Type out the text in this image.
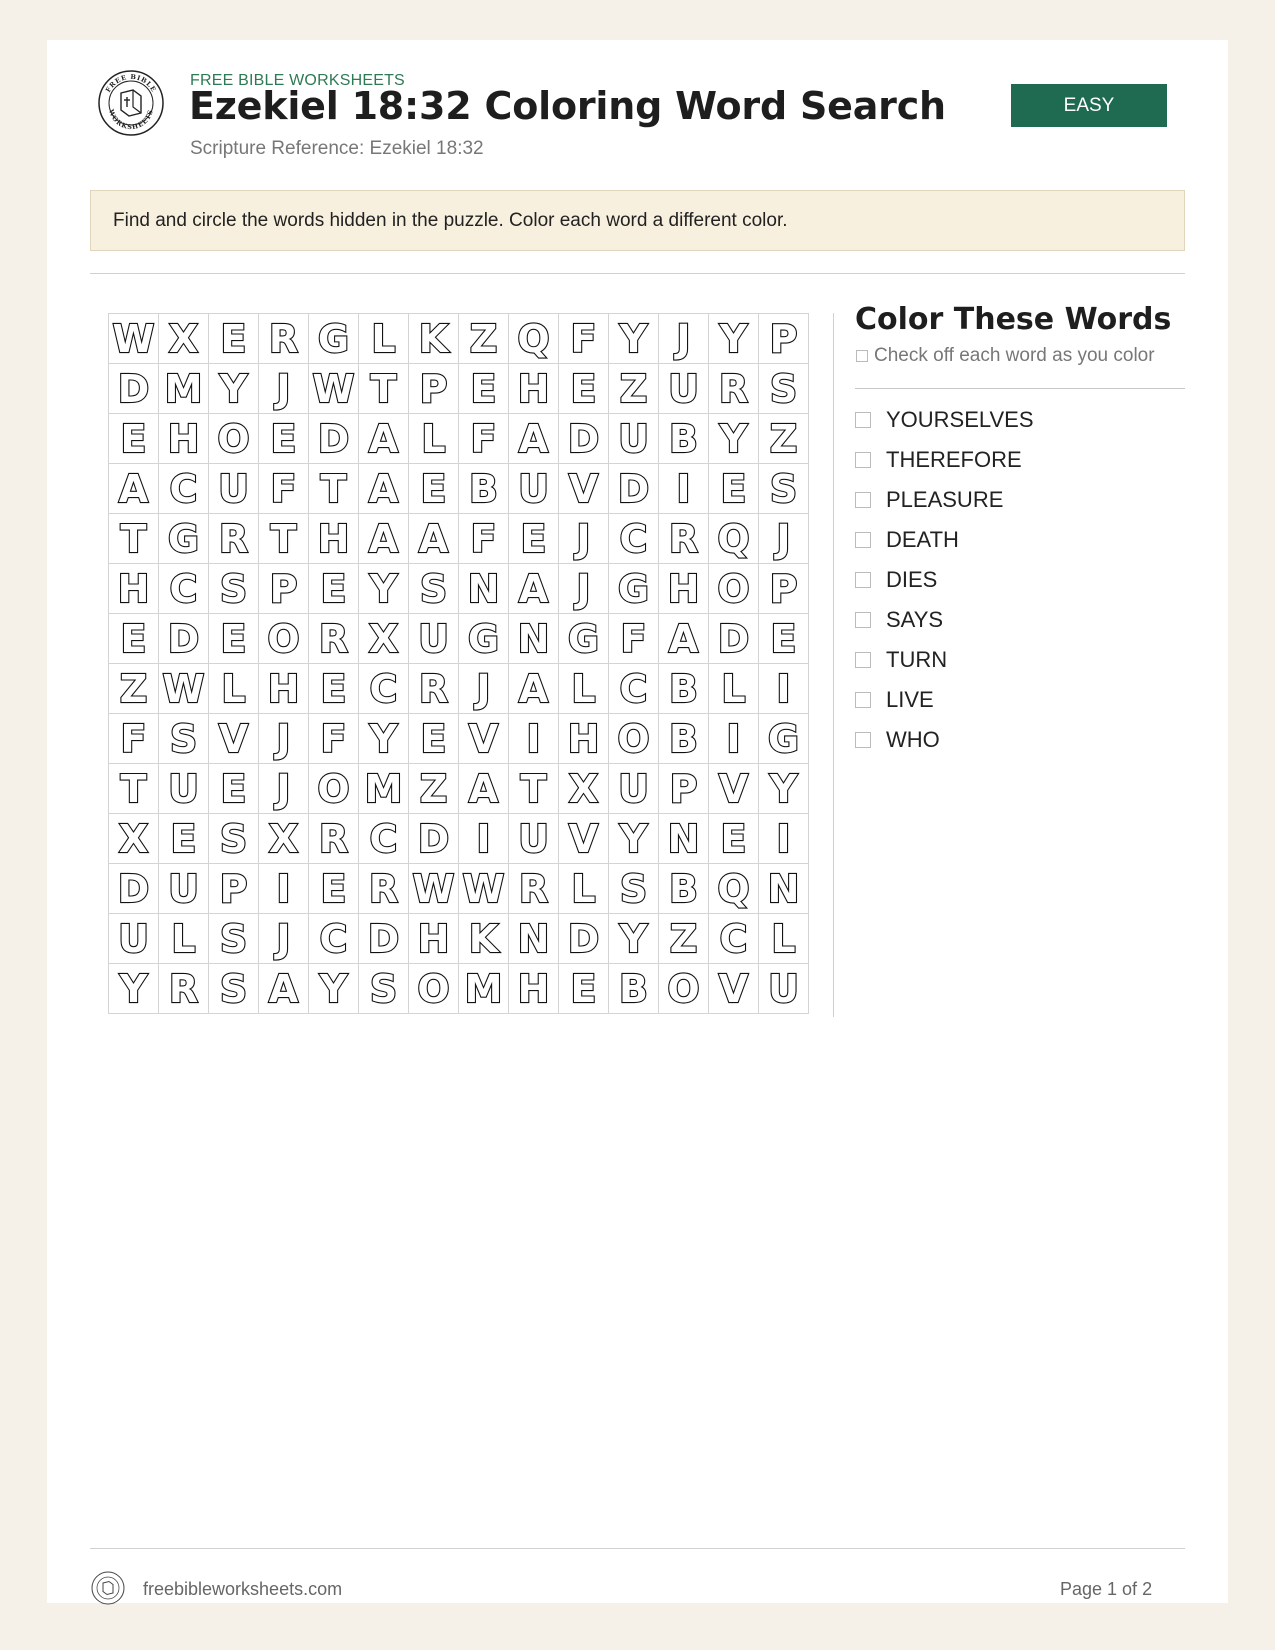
FREE BIBLE
WORKSHEETS
FREE BIBLE WORKSHEETS
Ezekiel 18:32 Coloring Word Search
Scripture Reference: Ezekiel 18:32
EASY
Find and circle the words hidden in the puzzle. Color each word a different color.
W X E R G L K Z Q F Y J Y P
D M Y J W T P E H E Z U R S
E H O E D A L F A D U B Y Z
A C U F T A E B U V D I E S
T G R T H A A F E J C R Q J
H C S P E Y S N A J G H O P
E D E O R X U G N G F A D E
Z W L H E C R J A L C B L I
F S V J F Y E V I H O B I G
T U E J O M Z A T X U P V Y
X E S X R C D I U V Y N E I
D U P I E R W W R L S B Q N
U L S J C D H K N D Y Z C L
Y R S A Y S O M H E B O V U
Color These Words
Check off each word as you color
YOURSELVES
THEREFORE
PLEASURE
DEATH
DIES
SAYS
TURN
LIVE
WHO
freebibleworksheets.com	Page 1 of 2
